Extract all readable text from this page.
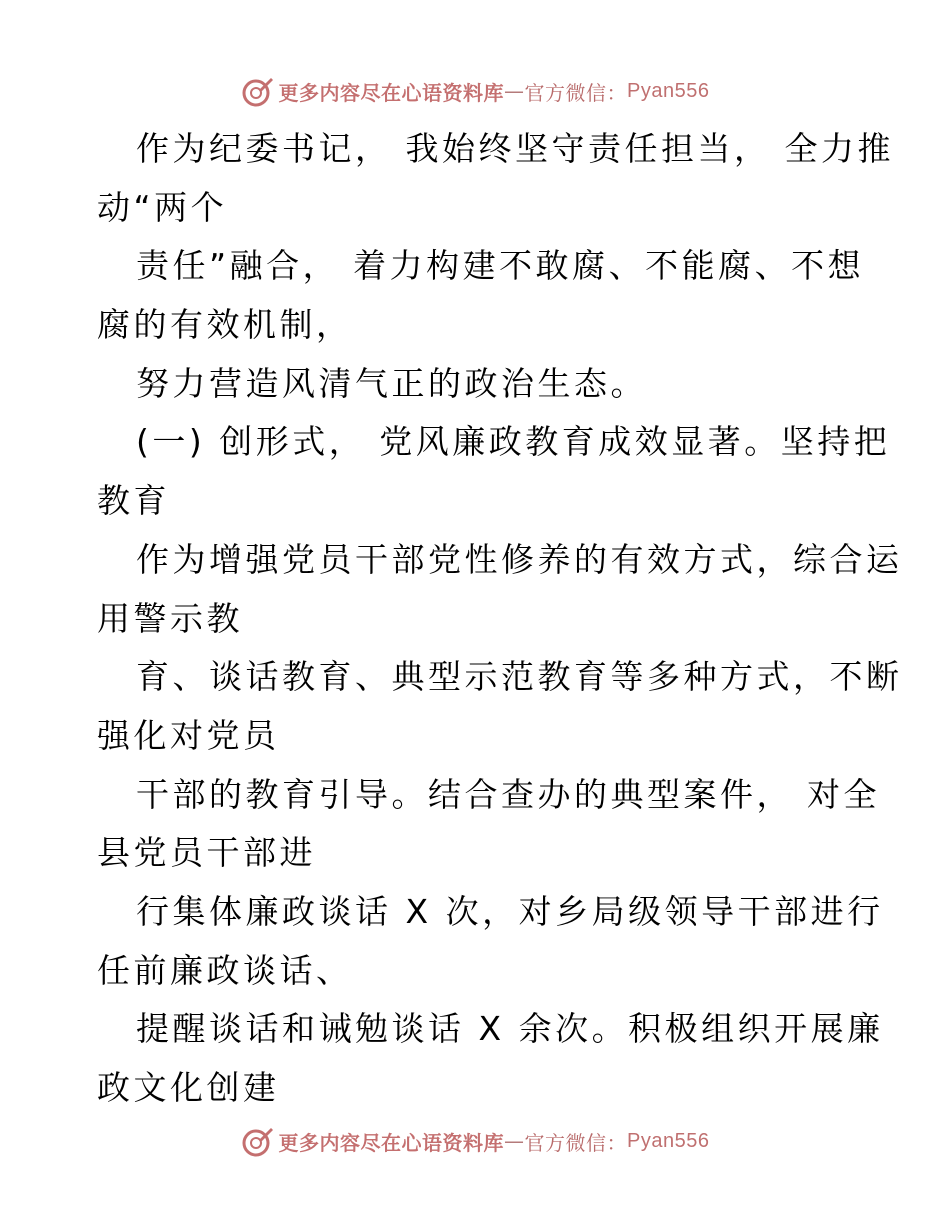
更多内容尽在心语资料库 — 官方微信： Pyan556
作为纪委书记， 我始终坚守责任担当， 全力推
动“两个
责任”融合， 着力构建不敢腐、不能腐、不想
腐的有效机制，
努力营造风清气正的政治生态。
(一) 创形式， 党风廉政教育成效显著。坚持把
教育
作为增强党员干部党性修养的有效方式，综合运
用警示教
育、谈话教育、典型示范教育等多种方式，不断
强化对党员
干部的教育引导。结合查办的典型案件， 对全
县党员干部进
行集体廉政谈话 X 次，对乡局级领导干部进行
任前廉政谈话、
提醒谈话和诫勉谈话 X 余次。积极组织开展廉
政文化创建
更多内容尽在心语资料库 — 官方微信： Pyan556
